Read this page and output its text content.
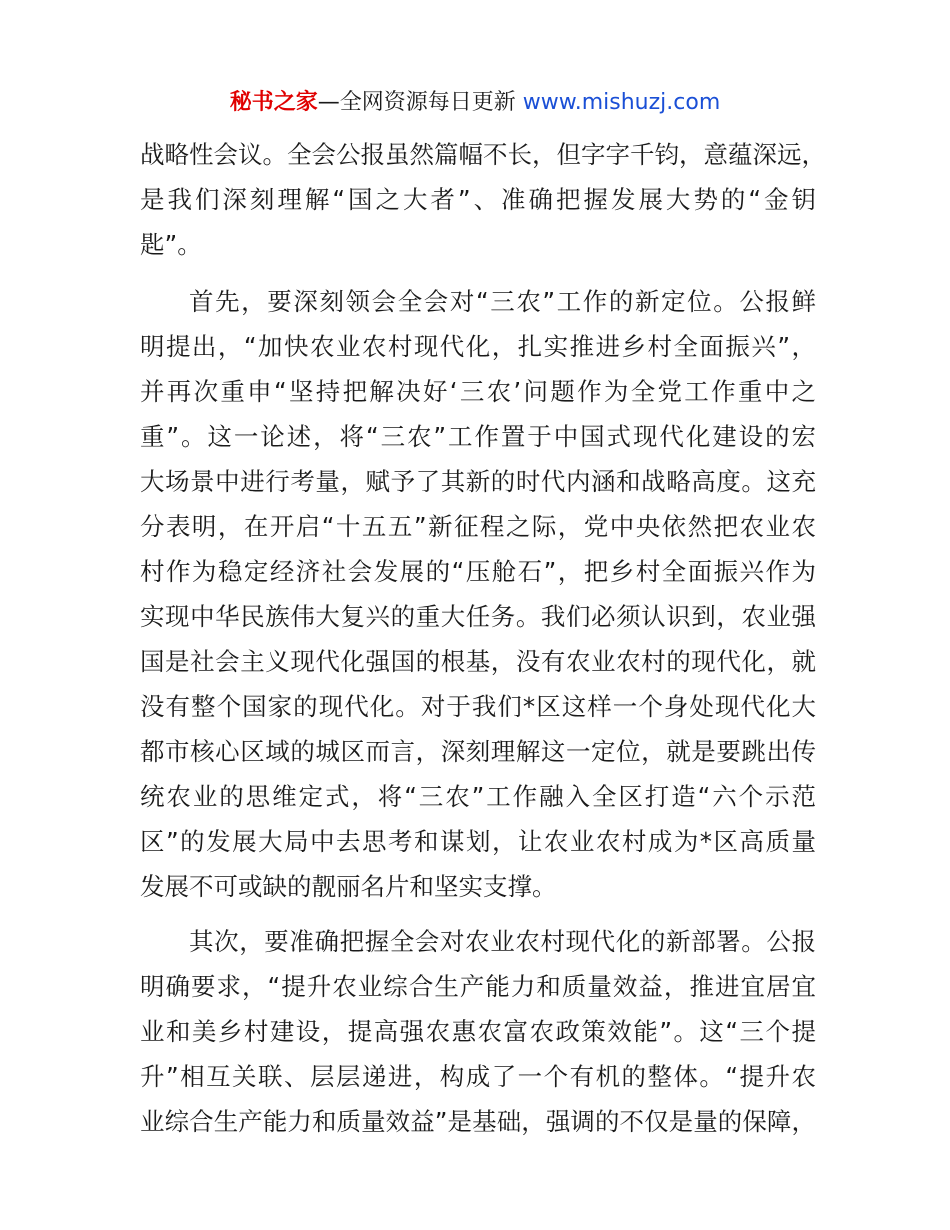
秘书之家—全网资源每日更新 www.mishuzj.com
战略性会议。全会公报虽然篇幅不长，但字字千钧，意蕴深远，
是我们深刻理解“国之大者”、准确把握发展大势的“金钥
匙”。
首先，要深刻领会全会对“三农”工作的新定位。公报鲜
明提出，“加快农业农村现代化，扎实推进乡村全面振兴”，
并再次重申“坚持把解决好‘三农’问题作为全党工作重中之
重”。这一论述，将“三农”工作置于中国式现代化建设的宏
大场景中进行考量，赋予了其新的时代内涵和战略高度。这充
分表明，在开启“十五五”新征程之际，党中央依然把农业农
村作为稳定经济社会发展的“压舱石”，把乡村全面振兴作为
实现中华民族伟大复兴的重大任务。我们必须认识到，农业强
国是社会主义现代化强国的根基，没有农业农村的现代化，就
没有整个国家的现代化。对于我们*区这样一个身处现代化大
都市核心区域的城区而言，深刻理解这一定位，就是要跳出传
统农业的思维定式，将“三农”工作融入全区打造“六个示范
区”的发展大局中去思考和谋划，让农业农村成为*区高质量
发展不可或缺的靓丽名片和坚实支撑。
其次，要准确把握全会对农业农村现代化的新部署。公报
明确要求，“提升农业综合生产能力和质量效益，推进宜居宜
业和美乡村建设，提高强农惠农富农政策效能”。这“三个提
升”相互关联、层层递进，构成了一个有机的整体。“提升农
业综合生产能力和质量效益”是基础，强调的不仅是量的保障，
